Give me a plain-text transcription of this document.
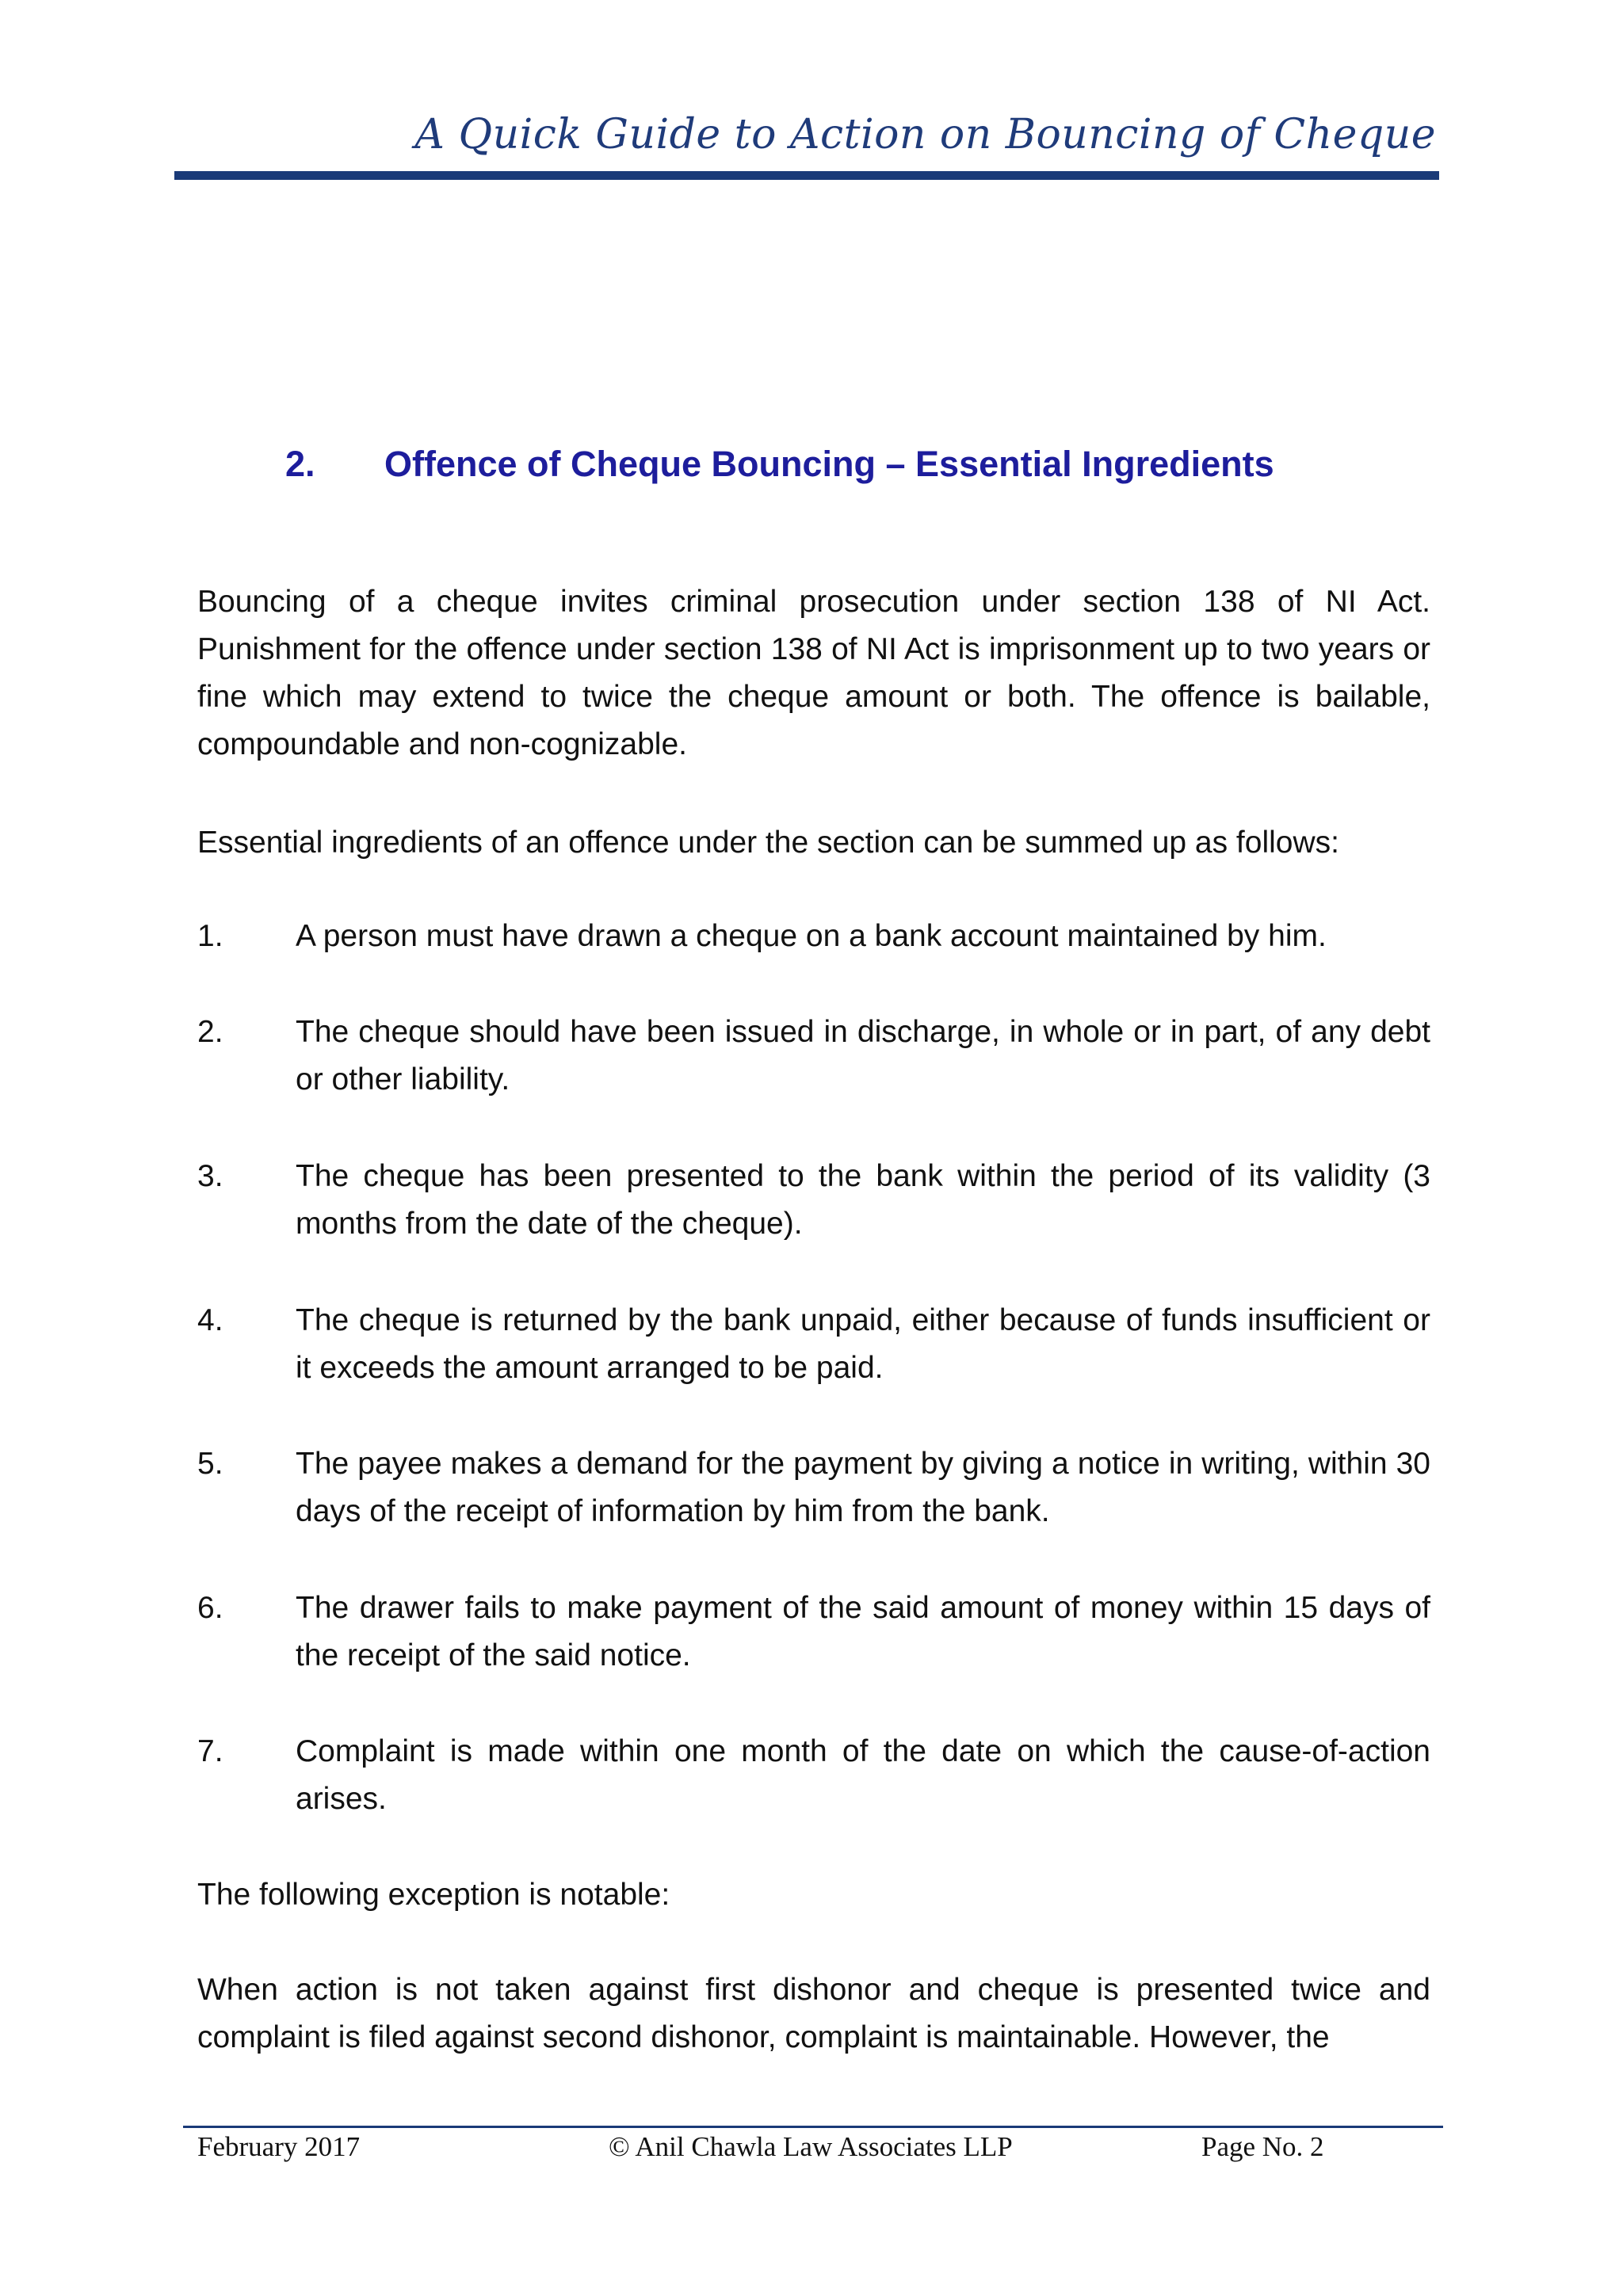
A Quick Guide to Action on Bouncing of Cheque
2. Offence of Cheque Bouncing – Essential Ingredients
Bouncing of a cheque invites criminal prosecution under section 138 of NI Act. Punishment for the offence under section 138 of NI Act is imprisonment up to two years or fine which may extend to twice the cheque amount or both. The offence is bailable, compoundable and non-cognizable.
Essential ingredients of an offence under the section can be summed up as follows:
1. A person must have drawn a cheque on a bank account maintained by him.
2. The cheque should have been issued in discharge, in whole or in part, of any debt or other liability.
3. The cheque has been presented to the bank within the period of its validity (3 months from the date of the cheque).
4. The cheque is returned by the bank unpaid, either because of funds insufficient or it exceeds the amount arranged to be paid.
5. The payee makes a demand for the payment by giving a notice in writing, within 30 days of the receipt of information by him from the bank.
6. The drawer fails to make payment of the said amount of money within 15 days of the receipt of the said notice.
7. Complaint is made within one month of the date on which the cause-of-action arises.
The following exception is notable:
When action is not taken against first dishonor and cheque is presented twice and complaint is filed against second dishonor, complaint is maintainable. However, the
February 2017	© Anil Chawla Law Associates LLP	Page No. 2
